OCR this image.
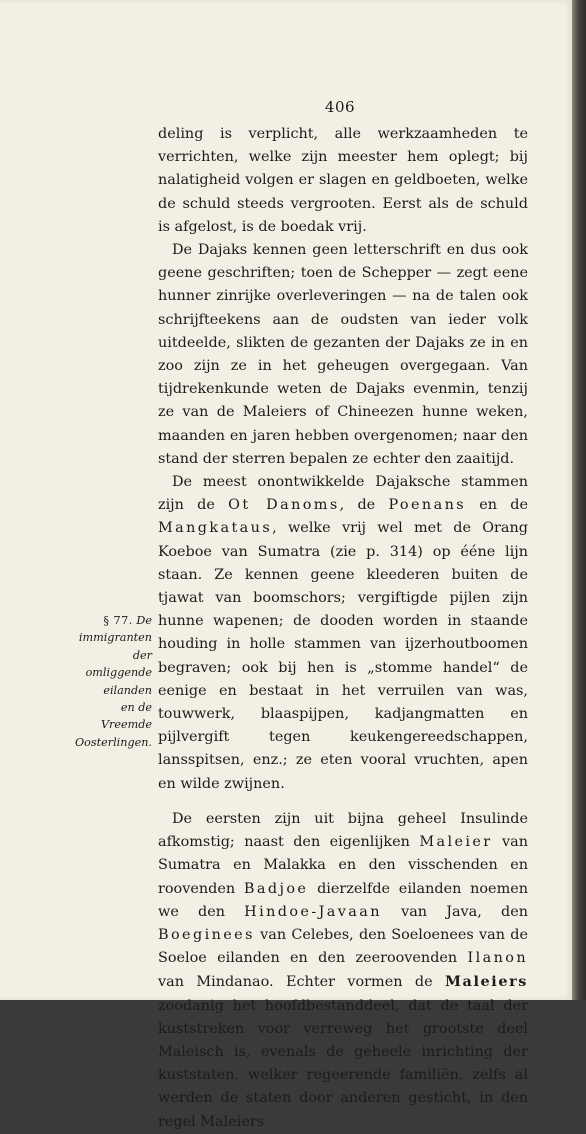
406

deling is verplicht, alle werkzaamheden te verrichten, welke zijn meester hem oplegt; bij nalatigheid volgen er slagen en geldboeten, welke de schuld steeds vergrooten. Eerst als de schuld is afgelost, is de boedak vrij.

De Dajaks kennen geen letterschrift en dus ook geene geschriften; toen de Schepper — zegt eene hunner zinrijke overleveringen — na de talen ook schrijfteekens aan de oudsten van ieder volk uitdeelde, slikten de gezanten der Dajaks ze in en zoo zijn ze in het geheugen overgegaan. Van tijdrekenkunde weten de Dajaks evenmin, tenzij ze van de Maleiers of Chineezen hunne weken, maanden en jaren hebben overgenomen; naar den stand der sterren bepalen ze echter den zaaitijd.

De meest onontwikkelde Dajaksche stammen zijn de Ot Danoms, de Poenans en de Mangkataus, welke vrij wel met de Orang Koeboe van Sumatra (zie p. 314) op ééne lijn staan. Ze kennen geene kleederen buiten de tjawat van boomschors; vergiftigde pijlen zijn hunne wapenen; de dooden worden in staande houding in holle stammen van ijzerhoutboomen begraven; ook bij hen is „stomme handel“ de eenige en bestaat in het verruilen van was, touwwerk, blaaspijpen, kadjangmatten en pijlvergift tegen keukengereedschappen, lansspitsen, enz.; ze eten vooral vruchten, apen en wilde zwijnen.

De eersten zijn uit bijna geheel Insulinde afkomstig; naast den eigenlijken Maleier van Sumatra en Malakka en den visschenden en roovenden Badjoe dierzelfde eilanden noemen we den Hindoe-Javaan van Java, den Boeginees van Celebes, den Soeloenees van de Soeloe eilanden en den zeeroovenden Ilanon van Mindanao. Echter vormen de Maleiers zoodanig het hoofdbestanddeel, dat de taal der kuststreken voor verreweg het grootste deel Maleisch is, evenals de geheele inrichting der kuststaten, welker regeerende familiën, zelfs al werden de staten door anderen gesticht, in den regel Maleiers

§ 77. De
immigranten
der
omliggende
eilanden
en de
Vreemde
Oosterlingen.
